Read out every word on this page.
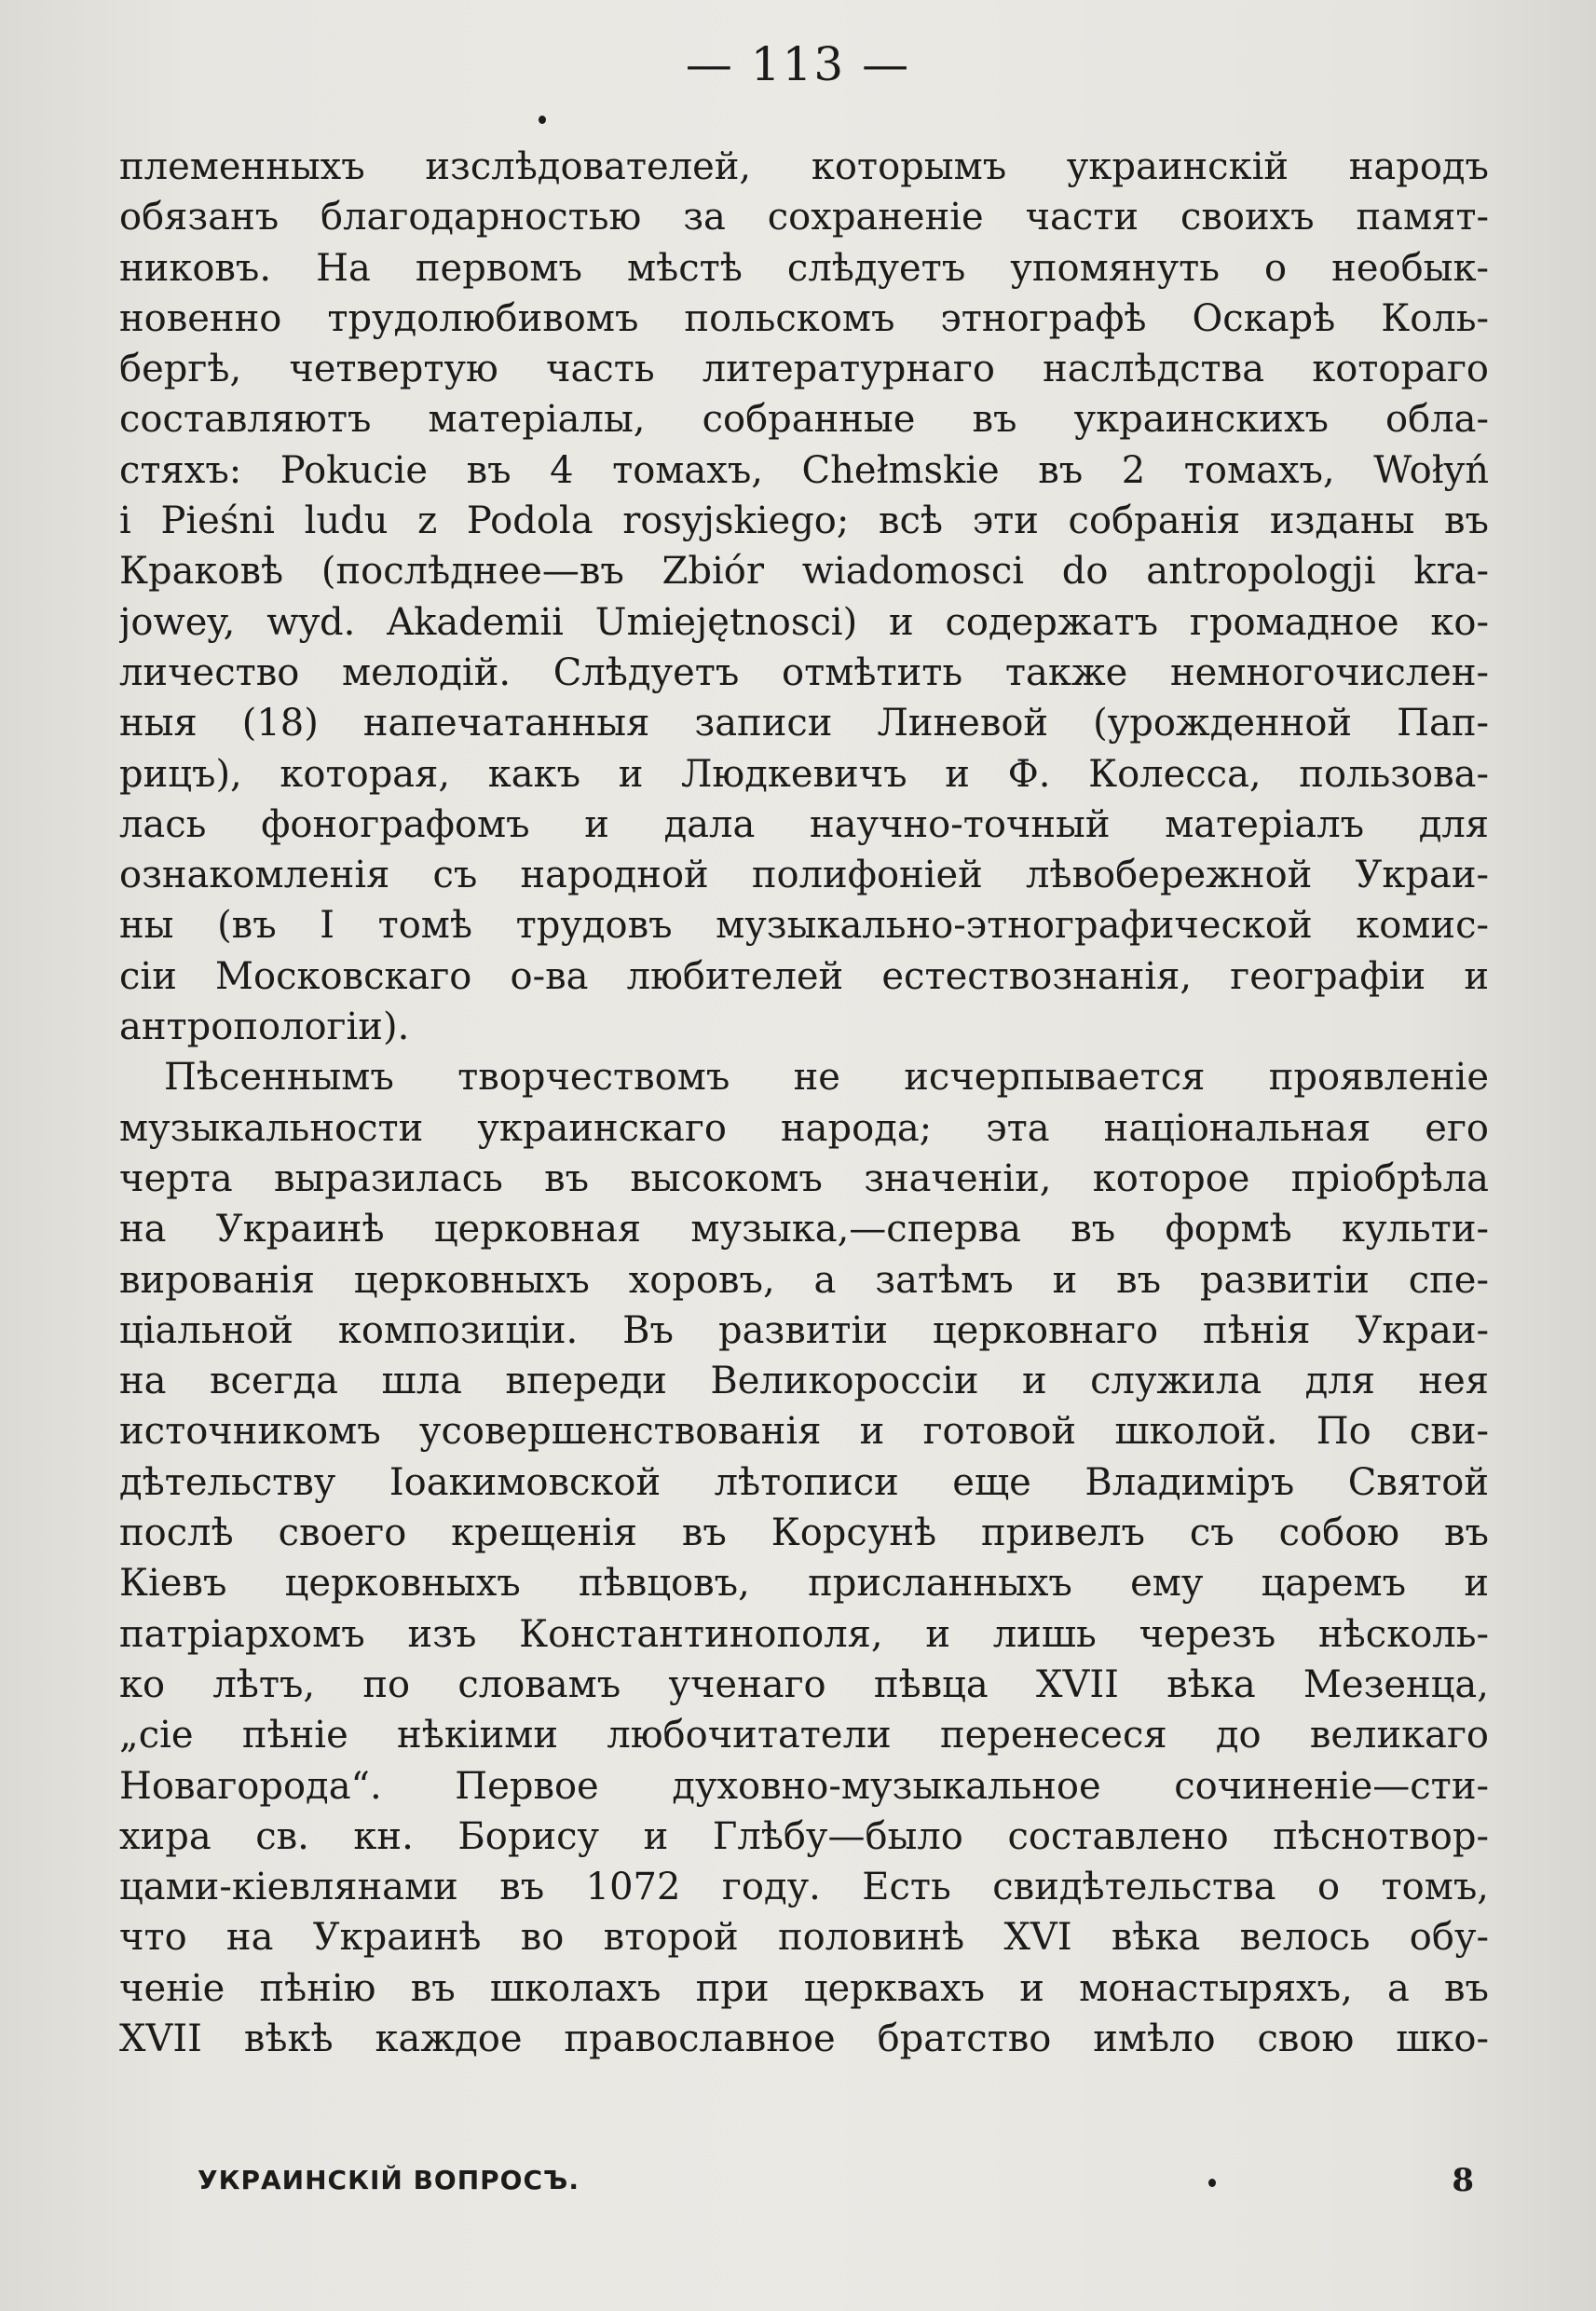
— 113 —
племенныхъ изслѣдователей, которымъ украинскій народъ
обязанъ благодарностью за сохраненіе части своихъ памят-
никовъ. На первомъ мѣстѣ слѣдуетъ упомянуть о необык-
новенно трудолюбивомъ польскомъ этнографѣ Оскарѣ Коль-
бергѣ, четвертую часть литературнаго наслѣдства котораго
составляютъ матеріалы, собранные въ украинскихъ обла-
стяхъ: Pokucie въ 4 томахъ, Chełmskie въ 2 томахъ, Wołyń
i Pieśni ludu z Podola rosyjskiego; всѣ эти собранія изданы въ
Краковѣ (послѣднее—въ Zbiór wiadomosci do antropologji kra-
jowey, wyd. Akademii Umiejętnosci) и содержатъ громадное ко-
личество мелодій. Слѣдуетъ отмѣтить также немногочислен-
ныя (18) напечатанныя записи Линевой (урожденной Пап-
рицъ), которая, какъ и Людкевичъ и Ф. Колесса, пользова-
лась фонографомъ и дала научно-точный матеріалъ для
ознакомленія съ народной полифоніей лѣвобережной Украи-
ны (въ I томѣ трудовъ музыкально-этнографической комис-
сіи Московскаго о-ва любителей естествознанія, географіи и
антропологіи).
Пѣсеннымъ творчествомъ не исчерпывается проявленіе
музыкальности украинскаго народа; эта національная его
черта выразилась въ высокомъ значеніи, которое пріобрѣла
на Украинѣ церковная музыка,—сперва въ формѣ культи-
вированія церковныхъ хоровъ, а затѣмъ и въ развитіи спе-
ціальной композиціи. Въ развитіи церковнаго пѣнія Украи-
на всегда шла впереди Великороссіи и служила для нея
источникомъ усовершенствованія и готовой школой. По сви-
дѣтельству Іоакимовской лѣтописи еще Владиміръ Святой
послѣ своего крещенія въ Корсунѣ привелъ съ собою въ
Кіевъ церковныхъ пѣвцовъ, присланныхъ ему царемъ и
патріархомъ изъ Константинополя, и лишь черезъ нѣсколь-
ко лѣтъ, по словамъ ученаго пѣвца XVII вѣка Мезенца,
„сіе пѣніе нѣкіими любочитатели перенесеся до великаго
Новагорода“. Первое духовно-музыкальное сочиненіе—сти-
хира св. кн. Борису и Глѣбу—было составлено пѣснотвор-
цами-кіевлянами въ 1072 году. Есть свидѣтельства о томъ,
что на Украинѣ во второй половинѣ XVI вѣка велось обу-
ченіе пѣнію въ школахъ при церквахъ и монастыряхъ, а въ
XVII вѣкѣ каждое православное братство имѣло свою шко-
УКРАИНСКІЙ ВОПРОСЪ.	8
